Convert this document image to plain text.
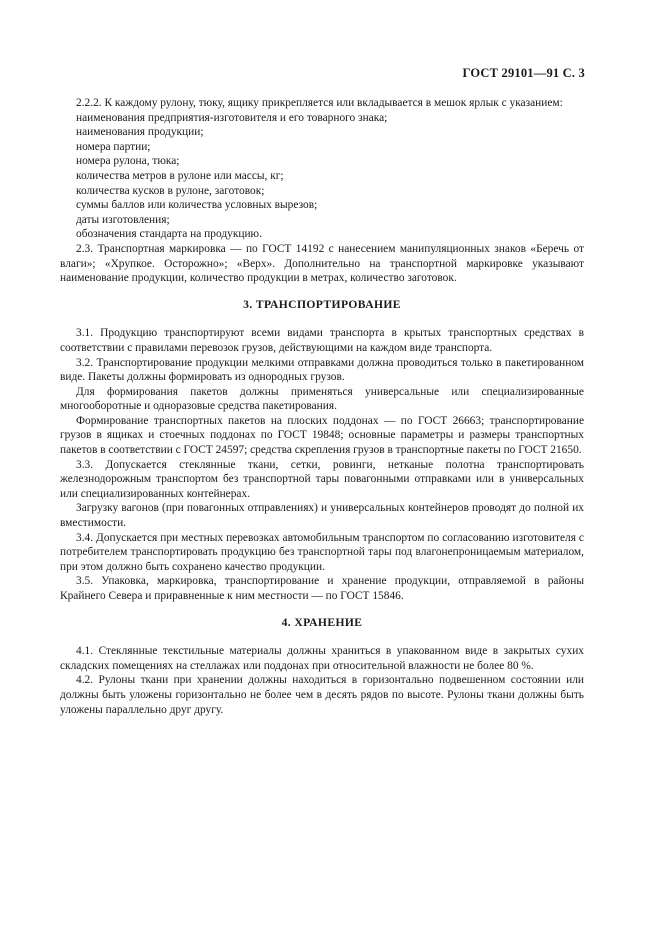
ГОСТ 29101—91 С. 3

2.2.2. К каждому рулону, тюку, ящику прикрепляется или вкладывается в мешок ярлык с указанием:

наименования предприятия-изготовителя и его товарного знака;
наименования продукции;
номера партии;
номера рулона, тюка;
количества метров в рулоне или массы, кг;
количества кусков в рулоне, заготовок;
суммы баллов или количества условных вырезов;
даты изготовления;
обозначения стандарта на продукцию.

2.3. Транспортная маркировка — по ГОСТ 14192 с нанесением манипуляционных знаков «Беречь от влаги»; «Хрупкое. Осторожно»; «Верх». Дополнительно на транспортной маркировке указывают наименование продукции, количество продукции в метрах, количество заготовок.

3. ТРАНСПОРТИРОВАНИЕ

3.1. Продукцию транспортируют всеми видами транспорта в крытых транспортных средствах в соответствии с правилами перевозок грузов, действующими на каждом виде транспорта.

3.2. Транспортирование продукции мелкими отправками должна проводиться только в пакетированном виде. Пакеты должны формировать из однородных грузов.

Для формирования пакетов должны применяться универсальные или специализированные многооборотные и одноразовые средства пакетирования.

Формирование транспортных пакетов на плоских поддонах — по ГОСТ 26663; транспортирование грузов в ящиках и стоечных поддонах по ГОСТ 19848; основные параметры и размеры транспортных пакетов в соответствии с ГОСТ 24597; средства скрепления грузов в транспортные пакеты по ГОСТ 21650.

3.3. Допускается стеклянные ткани, сетки, ровинги, нетканые полотна транспортировать железнодорожным транспортом без транспортной тары повагонными отправками или в универсальных или специализированных контейнерах.

Загрузку вагонов (при повагонных отправлениях) и универсальных контейнеров проводят до полной их вместимости.

3.4. Допускается при местных перевозках автомобильным транспортом по согласованию изготовителя с потребителем транспортировать продукцию без транспортной тары под влагонепроницаемым материалом, при этом должно быть сохранено качество продукции.

3.5. Упаковка, маркировка, транспортирование и хранение продукции, отправляемой в районы Крайнего Севера и приравненные к ним местности — по ГОСТ 15846.

4. ХРАНЕНИЕ

4.1. Стеклянные текстильные материалы должны храниться в упакованном виде в закрытых сухих складских помещениях на стеллажах или поддонах при относительной влажности не более 80 %.

4.2. Рулоны ткани при хранении должны находиться в горизонтально подвешенном состоянии или должны быть уложены горизонтально не более чем в десять рядов по высоте. Рулоны ткани должны быть уложены параллельно друг другу.
